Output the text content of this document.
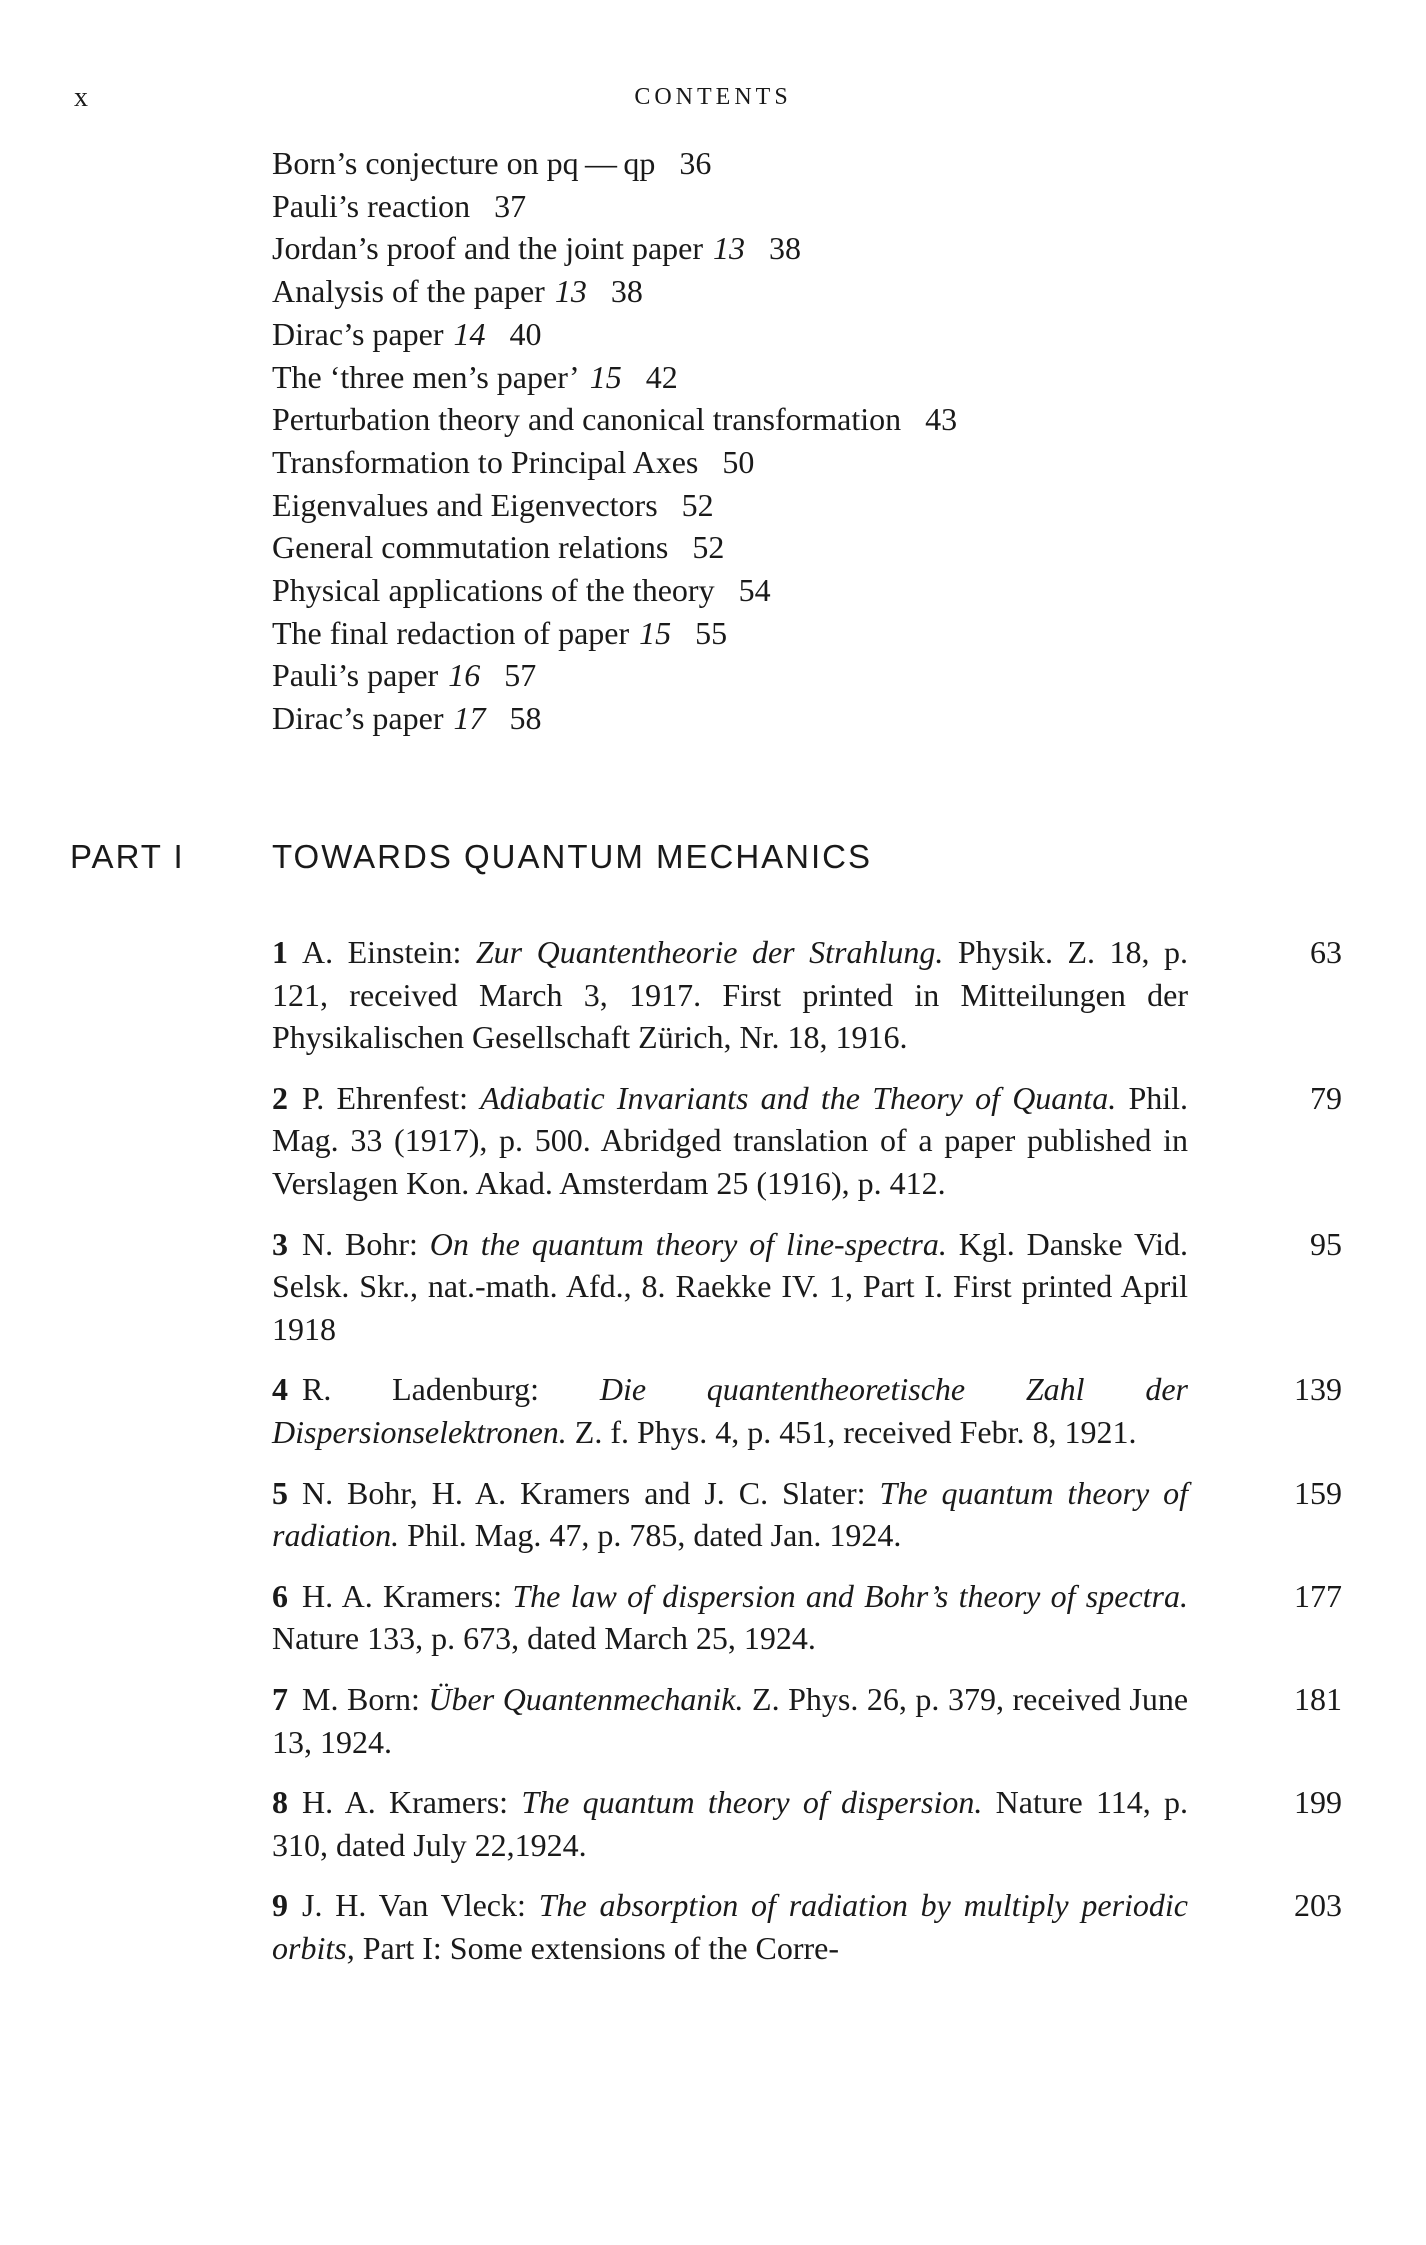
x	CONTENTS
Born’s conjecture on pq — qp 36
Pauli’s reaction 37
Jordan’s proof and the joint paper 13 38
Analysis of the paper 13 38
Dirac’s paper 14 40
The ‘three men’s paper’ 15 42
Perturbation theory and canonical transformation 43
Transformation to Principal Axes 50
Eigenvalues and Eigenvectors 52
General commutation relations 52
Physical applications of the theory 54
The final redaction of paper 15 55
Pauli’s paper 16 57
Dirac’s paper 17 58
PART I	TOWARDS QUANTUM MECHANICS

1 A. Einstein: Zur Quantentheorie der Strahlung. Physik. Z. 18, p. 121, received March 3, 1917. First printed in Mitteilungen der Physikalischen Gesellschaft Zürich, Nr. 18, 1916.

63

2 P. Ehrenfest: Adiabatic Invariants and the Theory of Quanta. Phil. Mag. 33 (1917), p. 500. Abridged translation of a paper published in Verslagen Kon. Akad. Amsterdam 25 (1916), p. 412.

79

3 N. Bohr: On the quantum theory of line-spectra. Kgl. Danske Vid. Selsk. Skr., nat.-math. Afd., 8. Raekke IV. 1, Part I. First printed April 1918

95

4 R. Ladenburg: Die quantentheoretische Zahl der Dispersionselektronen. Z. f. Phys. 4, p. 451, received Febr. 8, 1921.

139

5 N. Bohr, H. A. Kramers and J. C. Slater: The quantum theory of radiation. Phil. Mag. 47, p. 785, dated Jan. 1924.

159

6 H. A. Kramers: The law of dispersion and Bohr’s theory of spectra. Nature 133, p. 673, dated March 25, 1924.

177

7 M. Born: Über Quantenmechanik. Z. Phys. 26, p. 379, received June 13, 1924.

181

8 H. A. Kramers: The quantum theory of dispersion. Nature 114, p. 310, dated July 22,1924.

199

9 J. H. Van Vleck: The absorption of radiation by multiply periodic orbits, Part I: Some extensions of the Corre-

203
